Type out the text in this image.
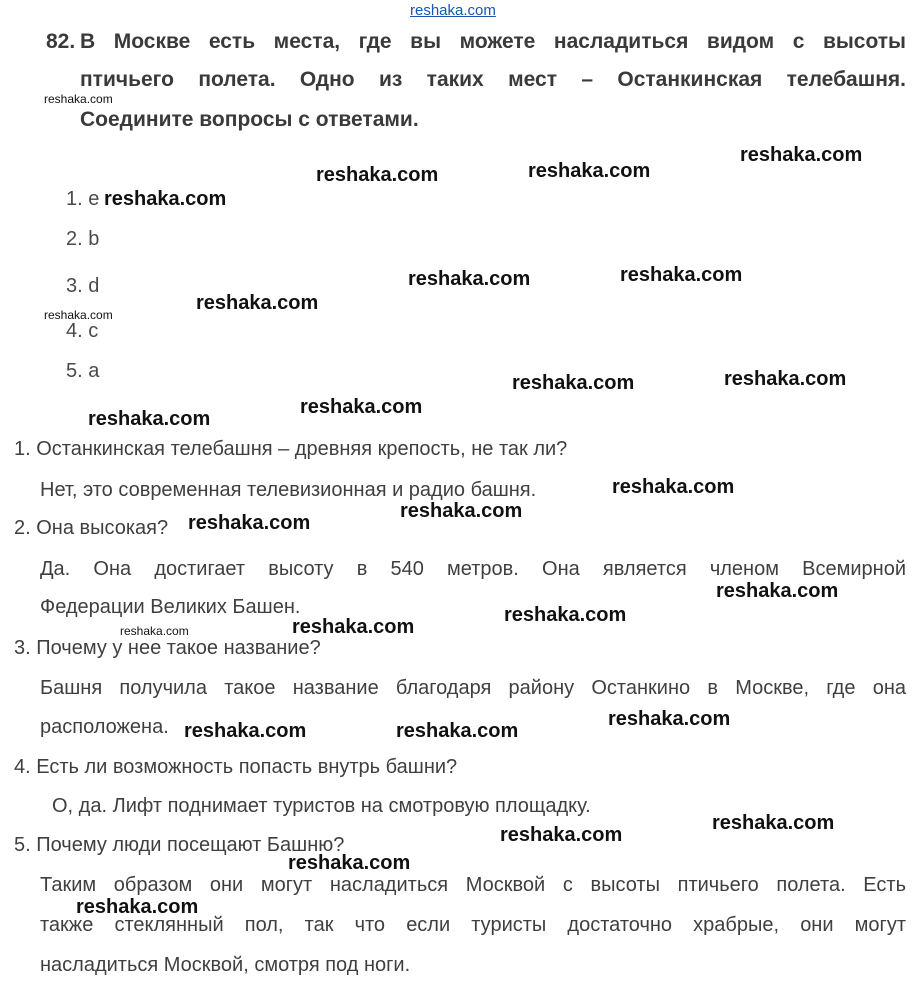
reshaka.com
82. В Москве есть места, где вы можете насладиться видом с высоты
птичьего полета. Одно из таких мест – Останкинская телебашня.
Соедините вопросы с ответами.
1. e
2. b
3. d
4. c
5. a
1. Останкинская телебашня – древняя крепость, не так ли?
Нет, это современная телевизионная и радио башня.
2. Она высокая?
Да. Она достигает высоту в 540 метров. Она является членом Всемирной
Федерации Великих Башен.
3. Почему у нее такое название?
Башня получила такое название благодаря району Останкино в Москве, где она
расположена.
4. Есть ли возможность попасть внутрь башни?
О, да. Лифт поднимает туристов на смотровую площадку.
5. Почему люди посещают Башню?
Таким образом они могут насладиться Москвой с высоты птичьего полета. Есть
также стеклянный пол, так что если туристы достаточно храбрые, они могут
насладиться Москвой, смотря под ноги.
reshaka.com
reshaka.com
reshaka.com	reshaka.com
reshaka.com
reshaka.com	reshaka.com
reshaka.com
reshaka.com
reshaka.com	reshaka.com
reshaka.com
reshaka.com
reshaka.com
reshaka.com
reshaka.com
reshaka.com
reshaka.com
reshaka.com
reshaka.com
reshaka.com
reshaka.com
reshaka.com
reshaka.com
reshaka.com
reshaka.com
reshaka.com
